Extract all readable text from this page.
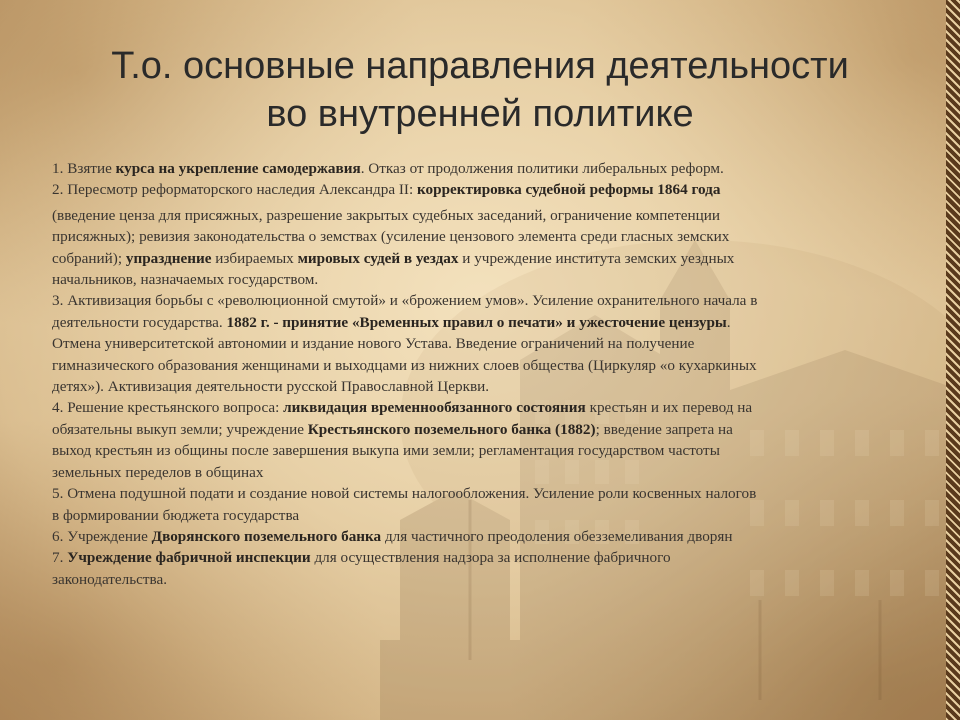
Т.о. основные направления деятельности
во внутренней политике
1. Взятие курса на укрепление самодержавия. Отказ от продолжения политики либеральных реформ.
2. Пересмотр реформаторского наследия Александра II: корректировка судебной реформы 1864 года
(введение ценза для присяжных, разрешение закрытых судебных заседаний, ограничение компетенции
присяжных); ревизия законодательства о земствах (усиление цензового элемента среди гласных земских
собраний); упразднение избираемых мировых судей в уездах и учреждение института земских уездных
начальников, назначаемых государством.
3. Активизация борьбы с «революционной смутой» и «брожением умов». Усиление охранительного начала в
деятельности государства. 1882 г. - принятие «Временных правил о печати» и ужесточение цензуры.
Отмена университетской автономии и издание нового Устава. Введение ограничений на получение
гимназического образования женщинами и выходцами из нижних слоев общества (Циркуляр «о кухаркиных
детях»). Активизация деятельности русской Православной Церкви.
4. Решение крестьянского вопроса: ликвидация временнообязанного состояния крестьян и их перевод на
обязательны выкуп земли; учреждение Крестьянского поземельного банка (1882); введение запрета на
выход крестьян из общины после завершения выкупа ими земли; регламентация государством частоты
земельных переделов в общинах
5. Отмена подушной подати и создание новой системы налогообложения. Усиление роли косвенных налогов
в формировании бюджета государства
6. Учреждение Дворянского поземельного банка для частичного преодоления обезземеливания дворян
7. Учреждение фабричной инспекции для осуществления надзора за исполнение фабричного
законодательства.
